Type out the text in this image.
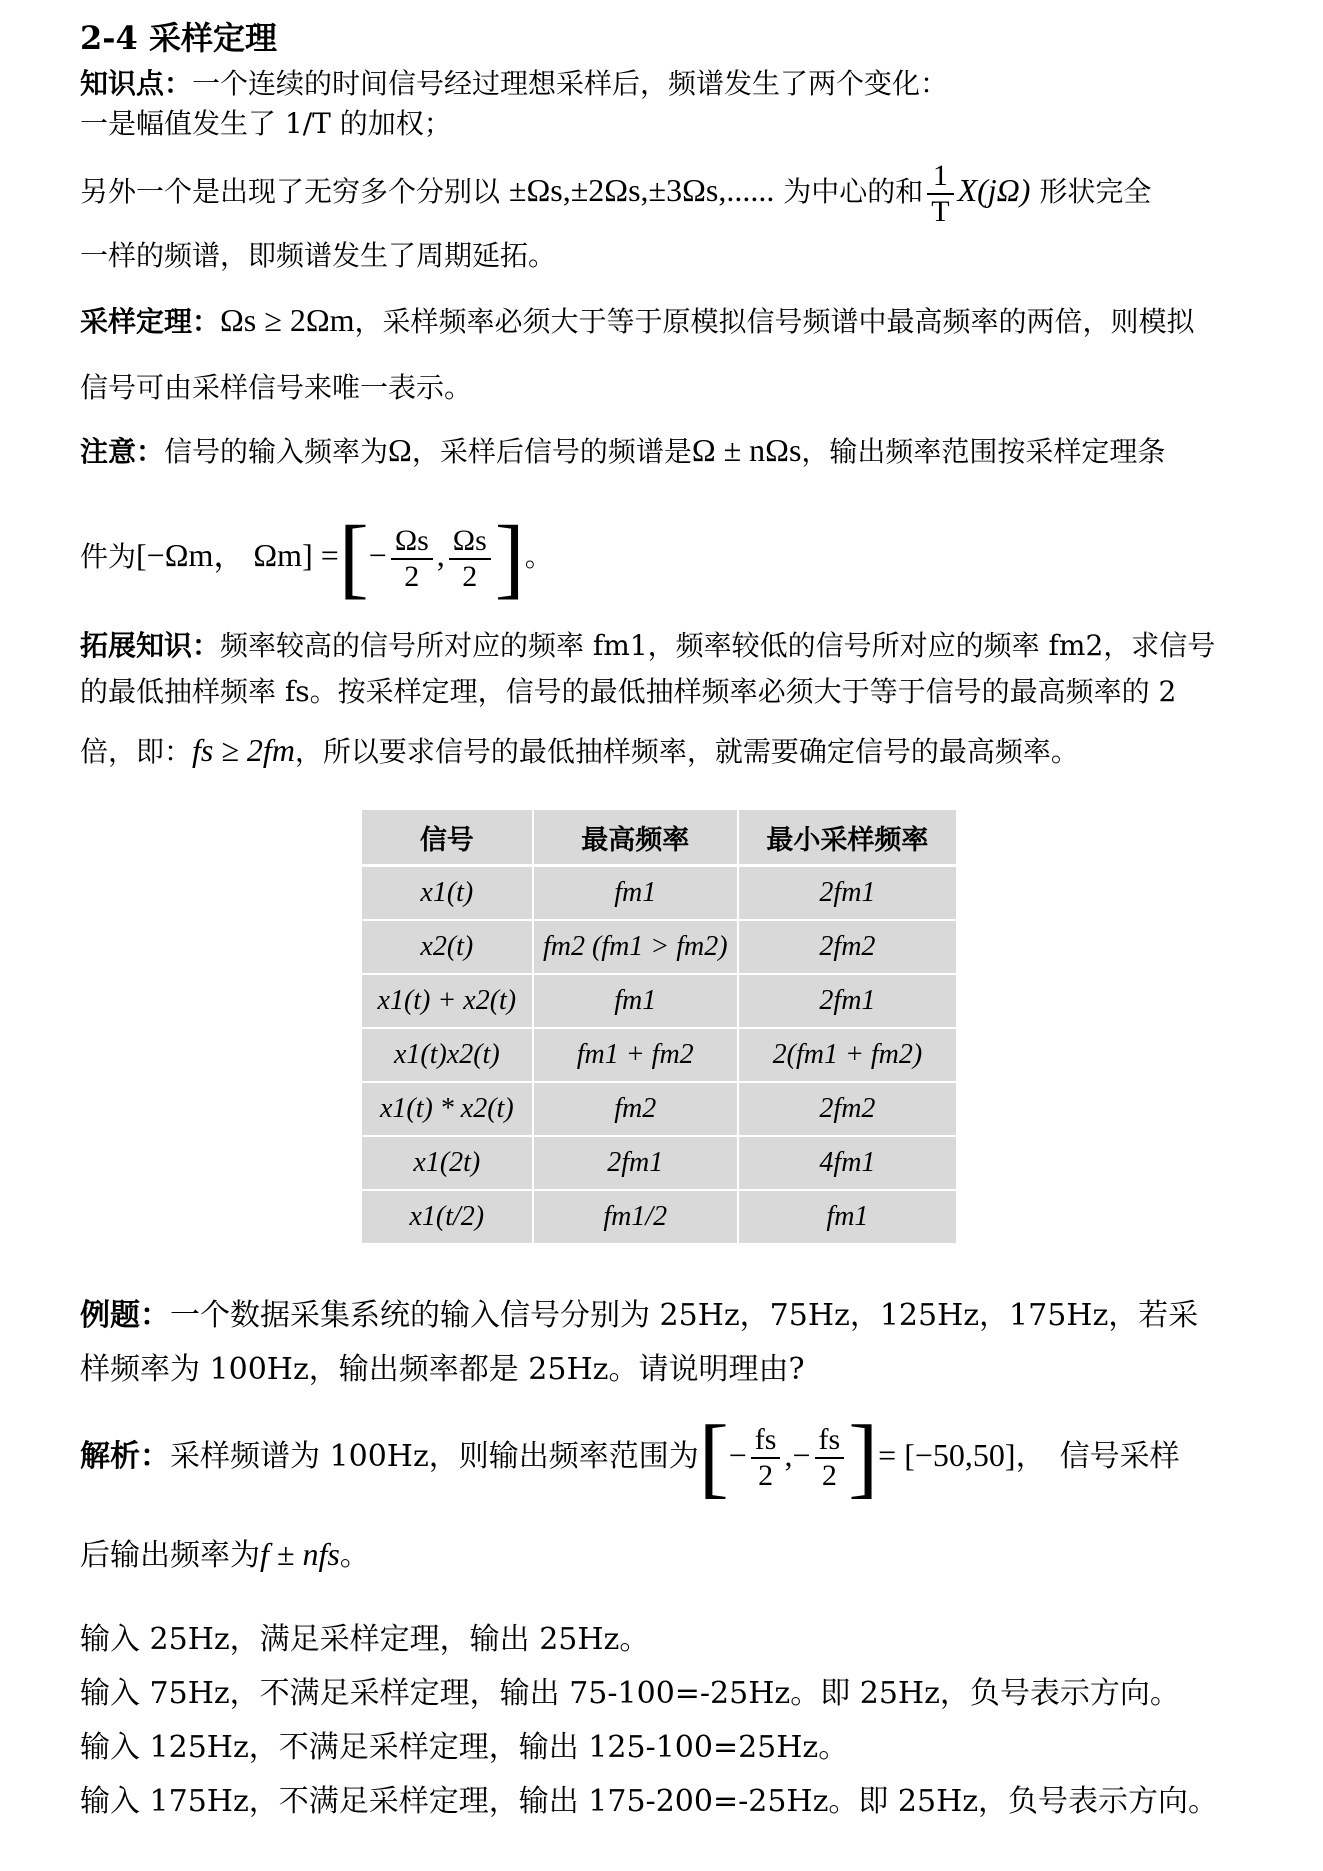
2-4 采样定理
知识点：一个连续的时间信号经过理想采样后，频谱发生了两个变化：
一是幅值发生了 1/T 的加权；
另外一个是出现了无穷多个分别以 ±Ωs,±2Ωs,±3Ωs,...... 为中心的和 $\frac{1}{T} X(j\Omega)$ 形状完全
一样的频谱，即频谱发生了周期延拓。
采样定理：Ωs ≥ 2Ωm，采样频率必须大于等于原模拟信号频谱中最高频率的两倍，则模拟
信号可由采样信号来唯一表示。
注意：信号的输入频率为Ω，采样后信号的频谱是Ω ± nΩs，输出频率范围按采样定理条
件为[−Ωm， Ωm] =[− $\frac{\Omega s}{2}$ , $\frac{\Omega s}{2}$ ]。
拓展知识：频率较高的信号所对应的频率 fm1，频率较低的信号所对应的频率 fm2，求信号
的最低抽样频率 fs。按采样定理，信号的最低抽样频率必须大于等于信号的最高频率的 2
倍，即：fs ≥ 2fm，所以要求信号的最低抽样频率，就需要确定信号的最高频率。
信号	最高频率	最小采样频率
x1(t)	fm1	2fm1
x2(t)	fm2 (fm1 > fm2)	2fm2
x1(t) + x2(t)	fm1	2fm1
x1(t)x2(t)	fm1 + fm2	2(fm1 + fm2)
x1(t) * x2(t)	fm2	2fm2
x1(2t)	2fm1	4fm1
x1(t/2)	fm1/2	fm1
例题：一个数据采集系统的输入信号分别为 25Hz，75Hz，125Hz，175Hz，若采
样频率为 100Hz，输出频率都是 25Hz。请说明理由?
解析：采样频谱为 100Hz，则输出频率范围为[− $\frac{fs}{2}$ ,− $\frac{fs}{2}$ ]= [−50,50]， 信号采样
后输出频率为f ± nfs。
输入 25Hz，满足采样定理，输出 25Hz。
输入 75Hz，不满足采样定理，输出 75-100=-25Hz。即 25Hz，负号表示方向。
输入 125Hz，不满足采样定理，输出 125-100=25Hz。
输入 175Hz，不满足采样定理，输出 175-200=-25Hz。即 25Hz，负号表示方向。
